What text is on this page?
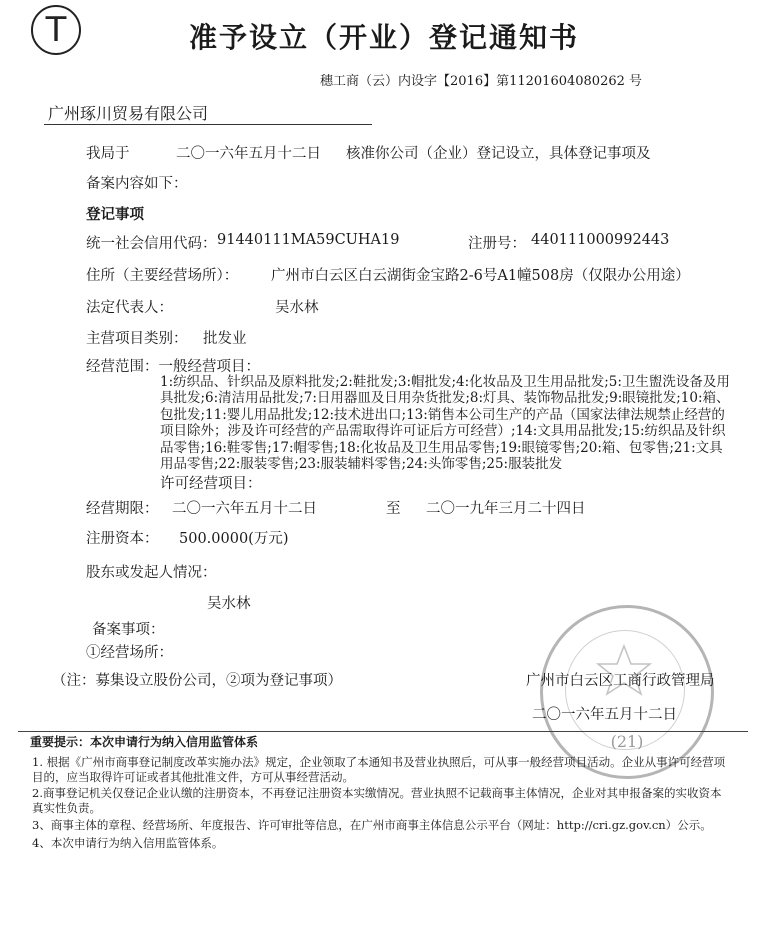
T	准予设立（开业）登记通知书
穗工商（云）内设字【2016】第11201604080262 号
广州琢川贸易有限公司
我局于	二〇一六年五月十二日 核准你公司（企业）登记设立，具体登记事项及
备案内容如下：
登记事项
统一社会信用代码： 91440111MA59CUHA19	注册号： 440111000992443
住所（主要经营场所）： 广州市白云区白云湖街金宝路2-6号A1幢508房（仅限办公用途）
法定代表人：	吴水林
主营项目类别： 批发业
经营范围：一般经营项目：
1:纺织品、针织品及原料批发;2:鞋批发;3:帽批发;4:化妆品及卫生用品批发;5:卫生盥洗设备及用具批发;6:清洁用品批发;7:日用器皿及日用杂货批发;8:灯具、装饰物品批发;9:眼镜批发;10:箱、包批发;11:婴儿用品批发;12:技术进出口;13:销售本公司生产的产品（国家法律法规禁止经营的项目除外；涉及许可经营的产品需取得许可证后方可经营）;14:文具用品批发;15:纺织品及针织品零售;16:鞋零售;17:帽零售;18:化妆品及卫生用品零售;19:眼镜零售;20:箱、包零售;21:文具用品零售;22:服装零售;23:服装辅料零售;24:头饰零售;25:服装批发
许可经营项目：
经营期限： 二〇一六年五月十二日	至 二〇一九年三月二十四日
注册资本： 500.0000(万元)
股东或发起人情况：
吴水林
备案事项：
①经营场所：
（注：募集设立股份公司，②项为登记事项）
(21)
广州市白云区工商行政管理局
二〇一六年五月十二日
重要提示：本次申请行为纳入信用监管体系
1. 根据《广州市商事登记制度改革实施办法》规定，企业领取了本通知书及营业执照后，可从事一般经营项目活动。企业从事许可经营项目的，应当取得许可证或者其他批准文件，方可从事经营活动。
2.商事登记机关仅登记企业认缴的注册资本，不再登记注册资本实缴情况。营业执照不记载商事主体情况，企业对其申报备案的实收资本真实性负责。
3、商事主体的章程、经营场所、年度报告、许可审批等信息，在广州市商事主体信息公示平台（网址：http://cri.gz.gov.cn）公示。
4、本次申请行为纳入信用监管体系。
